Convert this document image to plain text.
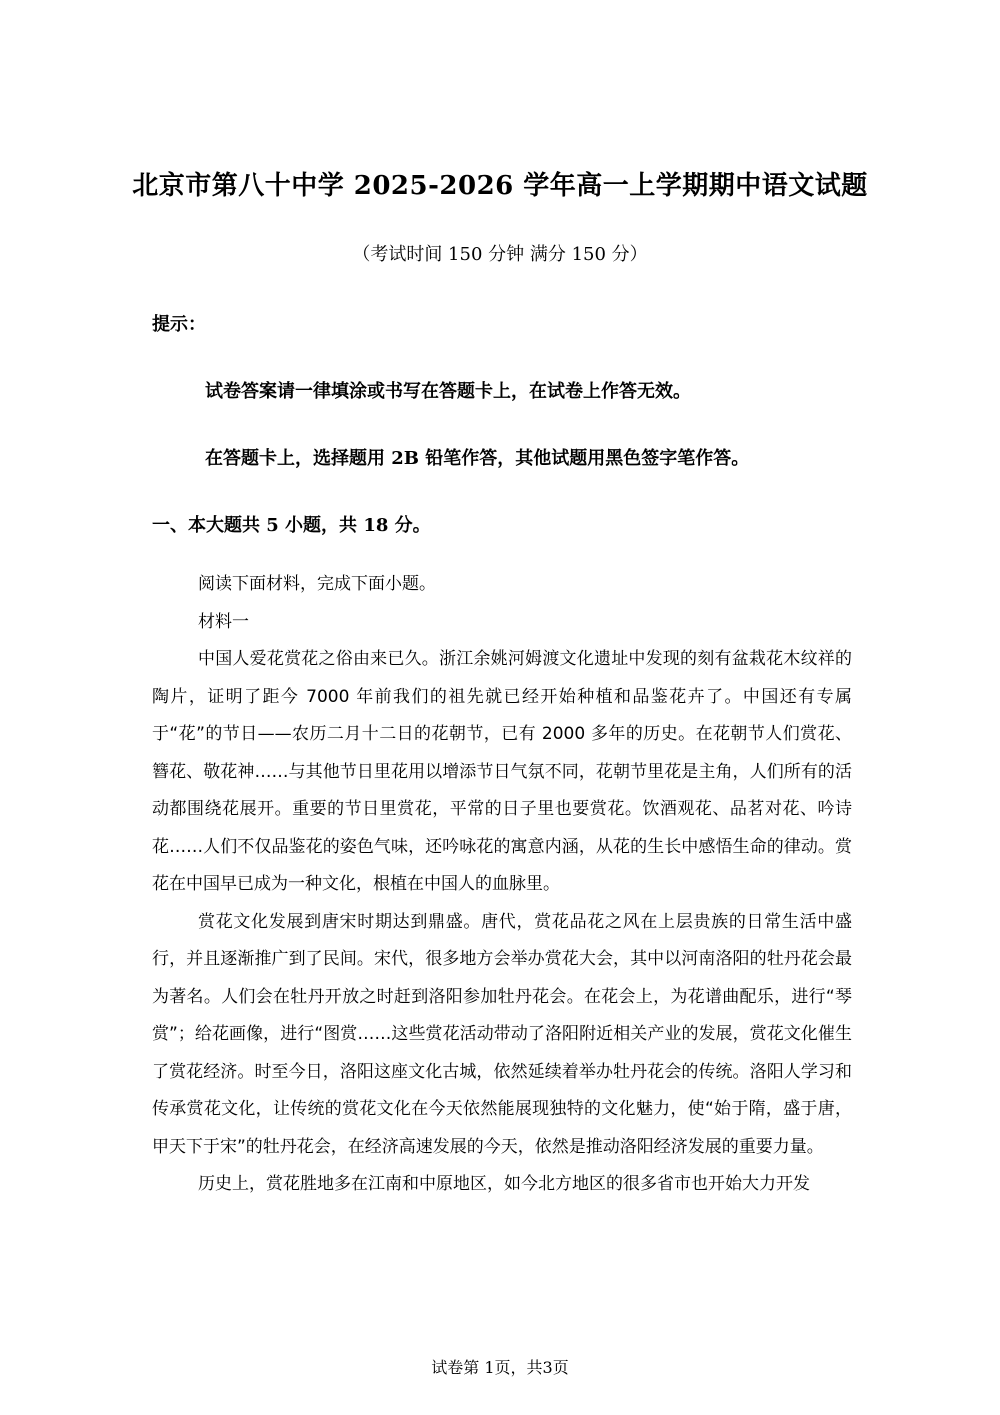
北京市第八十中学 2025-2026 学年高一上学期期中语文试题
（考试时间 150 分钟 满分 150 分）
提示：
试卷答案请一律填涂或书写在答题卡上，在试卷上作答无效。
在答题卡上，选择题用 2B 铅笔作答，其他试题用黑色签字笔作答。
一、本大题共 5 小题，共 18 分。

阅读下面材料，完成下面小题。

材料一

中国人爱花赏花之俗由来已久。浙江余姚河姆渡文化遗址中发现的刻有盆栽花木纹祥的陶片，证明了距今 7000 年前我们的祖先就已经开始种植和品鉴花卉了。中国还有专属于“花”的节日——农历二月十二日的花朝节，已有 2000 多年的历史。在花朝节人们赏花、簪花、敬花神……与其他节日里花用以增添节日气氛不同，花朝节里花是主角，人们所有的活动都围绕花展开。重要的节日里赏花，平常的日子里也要赏花。饮酒观花、品茗对花、吟诗花……人们不仅品鉴花的姿色气味，还吟咏花的寓意内涵，从花的生长中感悟生命的律动。赏花在中国早已成为一种文化，根植在中国人的血脉里。

赏花文化发展到唐宋时期达到鼎盛。唐代，赏花品花之风在上层贵族的日常生活中盛行，并且逐渐推广到了民间。宋代，很多地方会举办赏花大会，其中以河南洛阳的牡丹花会最为著名。人们会在牡丹开放之时赶到洛阳参加牡丹花会。在花会上，为花谱曲配乐，进行“琴赏”；给花画像，进行“图赏……这些赏花活动带动了洛阳附近相关产业的发展，赏花文化催生了赏花经济。时至今日，洛阳这座文化古城，依然延续着举办牡丹花会的传统。洛阳人学习和传承赏花文化，让传统的赏花文化在今天依然能展现独特的文化魅力，使“始于隋，盛于唐，甲天下于宋”的牡丹花会，在经济高速发展的今天，依然是推动洛阳经济发展的重要力量。

历史上，赏花胜地多在江南和中原地区，如今北方地区的很多省市也开始大力开发

试卷第 1页，共3页
